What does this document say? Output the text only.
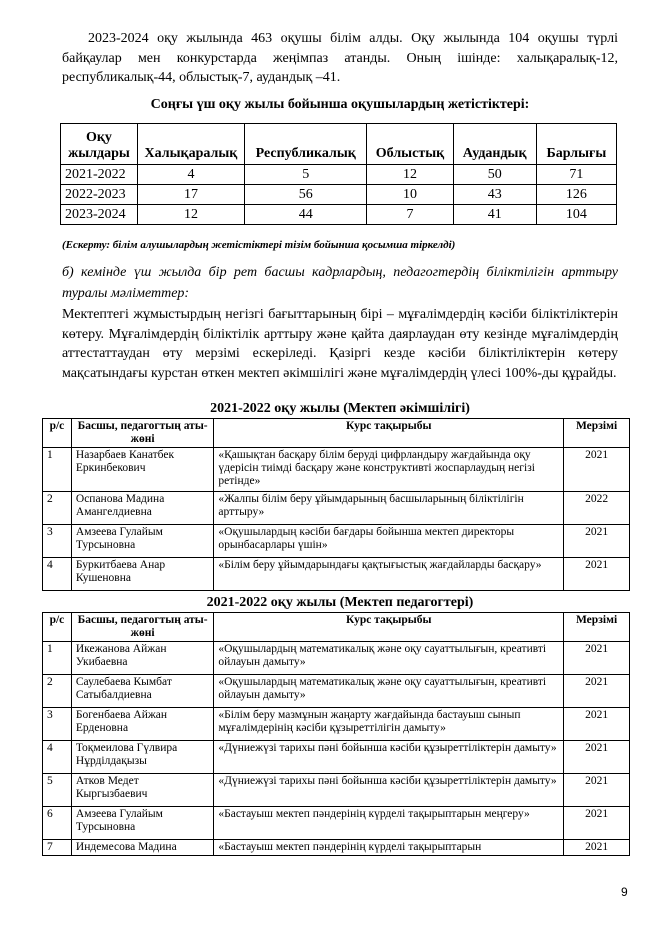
2023-2024 оқу жылында 463 оқушы білім алды. Оқу жылында 104 оқушы түрлі байқаулар мен конкурстарда жеңімпаз атанды. Оның ішінде: халықаралық-12, республикалық-44, облыстық-7, аудандық –41.

Соңғы үш оқу жылы бойынша оқушылардың жетістіктері:
Оқу жылдары	Халықаралық	Республикалық	Облыстық	Аудандық	Барлығы
2021-2022	4	5	12	50	71
2022-2023	17	56	10	43	126
2023-2024	12	44	7	41	104
(Ескерту: білім алушылардың жетістіктері тізім бойынша қосымша тіркелді)

б) кемінде үш жылда бір рет басшы кадрлардың, педагогтердің біліктілігін арттыру туралы мәліметтер:

Мектептегі жұмыстырдың негізгі бағыттарының бірі – мұғалімдердің кәсіби біліктіліктерін көтеру. Мұғалімдердің біліктілік арттыру және қайта даярлаудан өту кезінде мұғалімдердің аттестаттаудан өту мерзімі ескеріледі. Қазіргі кезде кәсіби біліктіліктерін көтеру мақсатындағы курстан өткен мектеп әкімшілігі және мұғалімдердің үлесі 100%-ды құрайды.

2021-2022 оқу жылы (Мектеп әкімшілігі)
р/с	Басшы, педагогтың аты-жөні	Курс тақырыбы	Мерзімі
1	Назарбаев Канатбек Еркинбекович	«Қашықтан басқару білім беруді цифрландыру жағдайында оқу үдерісін тиімді басқару және конструктивті жоспарлаудың негізі ретінде»	2021
2	Оспанова Мадина Амангелдиевна	«Жалпы білім беру ұйымдарының басшыларының біліктілігін арттыру»	2022
3	Амзеева Гулайым Турсыновна	«Оқушылардың кәсіби бағдары бойынша мектеп директоры орынбасарлары үшін»	2021
4	Буркитбаева Анар Кушеновна	«Білім беру ұйымдарындағы қақтығыстық жағдайларды басқару»	2021
2021-2022 оқу жылы (Мектеп педагогтері)
р/с	Басшы, педагогтың аты-жөні	Курс тақырыбы	Мерзімі
1	Икежанова Айжан Укибаевна	«Оқушылардың математикалық және оқу сауаттылығын, креативті ойлауын дамыту»	2021
2	Саулебаева Кымбат Сатыбалдиевна	«Оқушылардың математикалық және оқу сауаттылығын, креативті ойлауын дамыту»	2021
3	Богенбаева Айжан Ерденовна	«Білім беру мазмұнын жаңарту жағдайында бастауыш сынып мұғалімдерінің кәсіби құзыреттілігін дамыту»	2021
4	Тоқмеилова Гүлвира Нұрділдақызы	«Дүниежүзі тарихы пәні бойынша кәсіби құзыреттіліктерін дамыту»	2021
5	Атков Медет Кыргызбаевич	«Дүниежүзі тарихы пәні бойынша кәсіби құзыреттіліктерін дамыту»	2021
6	Амзеева Гулайым Турсыновна	«Бастауыш мектеп пәндерінің күрделі тақырыптарын меңгеру»	2021
7	Индемесова Мадина	«Бастауыш мектеп пәндерінің күрделі тақырыптарын	2021
9
